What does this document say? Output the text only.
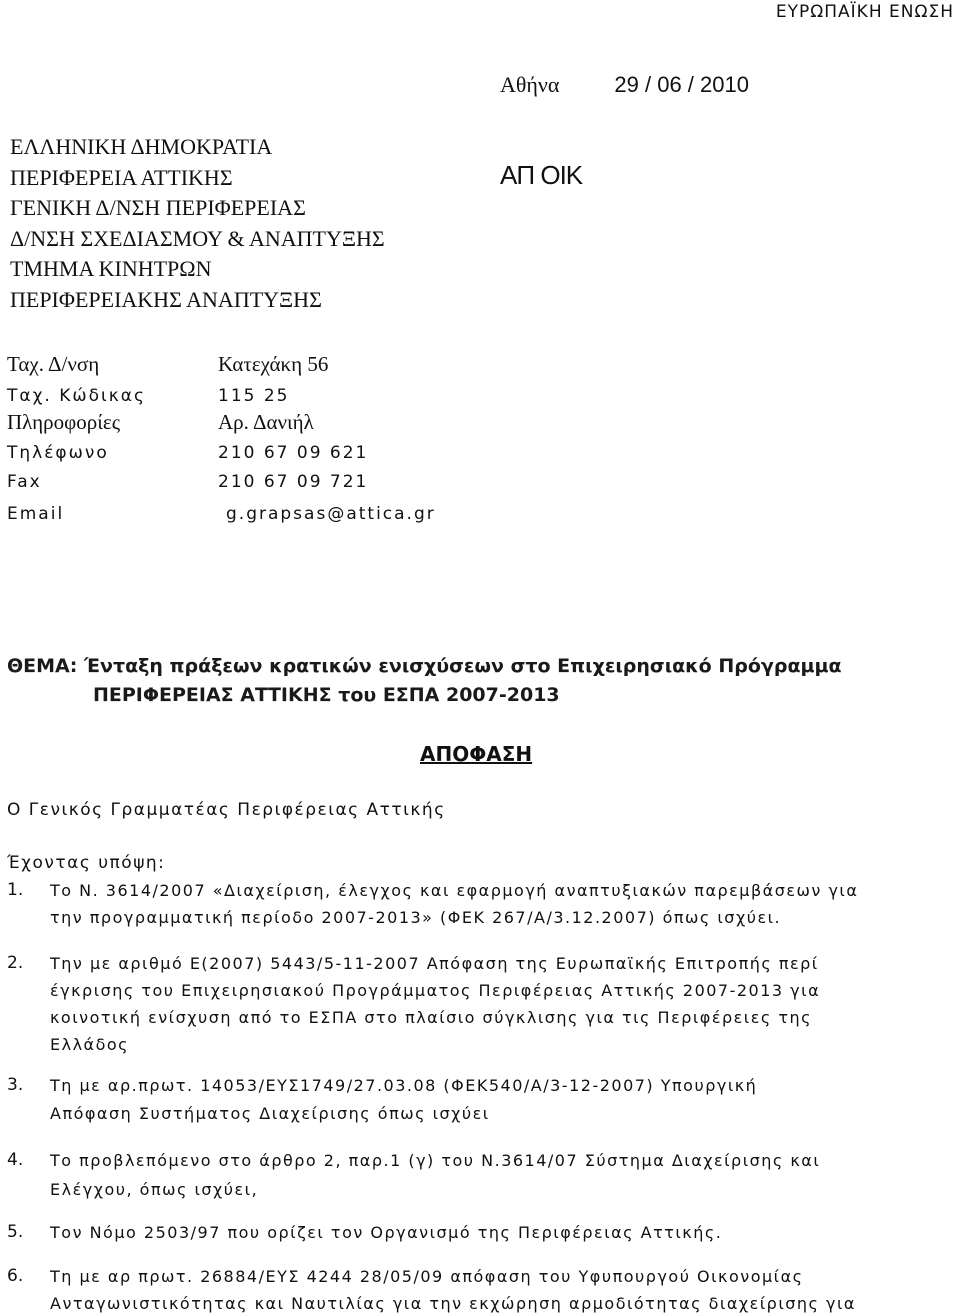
ΕΥΡΩΠΑΪΚΗ ΕΝΩΣΗ
Αθήνα	29 / 06 / 2010
ΑΠ ΟΙΚ
ΕΛΛΗΝΙΚΗ ΔΗΜΟΚΡΑΤΙΑ
ΠΕΡΙΦΕΡΕΙΑ ΑΤΤΙΚΗΣ
ΓΕΝΙΚΗ Δ/ΝΣΗ ΠΕΡΙΦΕΡΕΙΑΣ
Δ/ΝΣΗ ΣΧΕΔΙΑΣΜΟΥ & ΑΝΑΠΤΥΞΗΣ
ΤΜΗΜΑ ΚΙΝΗΤΡΩΝ
ΠΕΡΙΦΕΡΕΙΑΚΗΣ ΑΝΑΠΤΥΞΗΣ
Ταχ. Δ/νση	Κατεχάκη 56
Ταχ. Κώδικας	115 25
Πληροφορίες	Αρ. Δανιήλ
Τηλέφωνο	210 67 09 621
Fax	210 67 09 721
Email	g.grapsas@attica.gr
ΘΕΜΑ: Ένταξη πράξεων κρατικών ενισχύσεων στο Επιχειρησιακό Πρόγραμμα
ΠΕΡΙΦΕΡΕΙΑΣ ΑΤΤΙΚΗΣ του ΕΣΠΑ 2007-2013
ΑΠΟΦΑΣΗ
Ο Γενικός Γραμματέας Περιφέρειας Αττικής
Έχοντας υπόψη:
1.
2.
3.
4.
5.
6.
Το Ν. 3614/2007 «Διαχείριση, έλεγχος και εφαρμογή αναπτυξιακών παρεμβάσεων για
την προγραμματική περίοδο 2007-2013» (ΦΕΚ 267/Α/3.12.2007) όπως ισχύει.
Την με αριθμό Ε(2007) 5443/5-11-2007 Απόφαση της Ευρωπαϊκής Επιτροπής περί
έγκρισης του Επιχειρησιακού Προγράμματος Περιφέρειας Αττικής 2007-2013 για
κοινοτική ενίσχυση από το ΕΣΠΑ στο πλαίσιο σύγκλισης για τις Περιφέρειες της
Ελλάδος
Τη με αρ.πρωτ. 14053/ΕΥΣ1749/27.03.08 (ΦΕΚ540/Α/3-12-2007) Υπουργική
Απόφαση Συστήματος Διαχείρισης όπως ισχύει
Το προβλεπόμενο στο άρθρο 2, παρ.1 (γ) του Ν.3614/07 Σύστημα Διαχείρισης και
Ελέγχου, όπως ισχύει,
Τον Νόμο 2503/97 που ορίζει τον Οργανισμό της Περιφέρειας Αττικής.
Τη με αρ πρωτ. 26884/ΕΥΣ 4244 28/05/09 απόφαση του Υφυπουργού Οικονομίας
Ανταγωνιστικότητας και Ναυτιλίας για την εκχώρηση αρμοδιότητας διαχείρισης για
